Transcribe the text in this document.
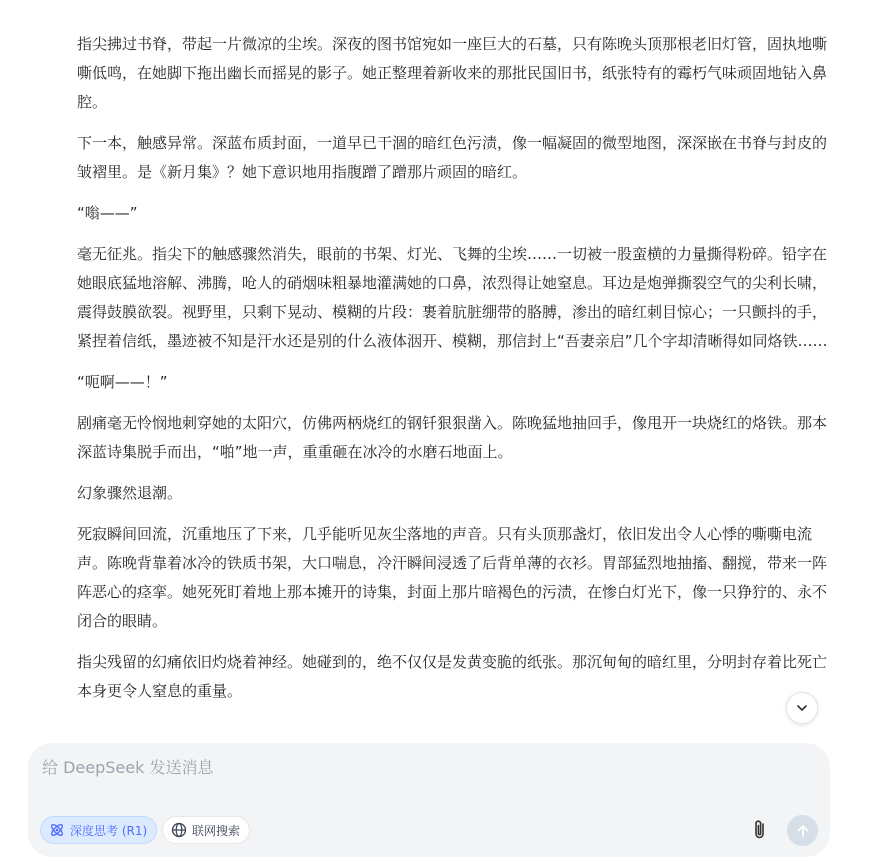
指尖拂过书脊，带起一片微凉的尘埃。深夜的图书馆宛如一座巨大的石墓，只有陈晚头顶那根老旧灯管，固执地嘶嘶低鸣，在她脚下拖出幽长而摇晃的影子。她正整理着新收来的那批民国旧书，纸张特有的霉朽气味顽固地钻入鼻腔。

下一本，触感异常。深蓝布质封面，一道早已干涸的暗红色污渍，像一幅凝固的微型地图，深深嵌在书脊与封皮的皱褶里。是《新月集》？她下意识地用指腹蹭了蹭那片顽固的暗红。

“嗡——”

毫无征兆。指尖下的触感骤然消失，眼前的书架、灯光、飞舞的尘埃……一切被一股蛮横的力量撕得粉碎。铅字在她眼底猛地溶解、沸腾，呛人的硝烟味粗暴地灌满她的口鼻，浓烈得让她窒息。耳边是炮弹撕裂空气的尖利长啸，震得鼓膜欲裂。视野里，只剩下晃动、模糊的片段：裹着肮脏绷带的胳膊，渗出的暗红刺目惊心；一只颤抖的手，紧捏着信纸，墨迹被不知是汗水还是别的什么液体洇开、模糊，那信封上“吾妻亲启”几个字却清晰得如同烙铁……

“呃啊——！”

剧痛毫无怜悯地刺穿她的太阳穴，仿佛两柄烧红的钢钎狠狠凿入。陈晚猛地抽回手，像甩开一块烧红的烙铁。那本深蓝诗集脱手而出，“啪”地一声，重重砸在冰冷的水磨石地面上。

幻象骤然退潮。

死寂瞬间回流，沉重地压了下来，几乎能听见灰尘落地的声音。只有头顶那盏灯，依旧发出令人心悸的嘶嘶电流声。陈晚背靠着冰冷的铁质书架，大口喘息，冷汗瞬间浸透了后背单薄的衣衫。胃部猛烈地抽搐、翻搅，带来一阵阵恶心的痉挛。她死死盯着地上那本摊开的诗集，封面上那片暗褐色的污渍，在惨白灯光下，像一只狰狞的、永不闭合的眼睛。

指尖残留的幻痛依旧灼烧着神经。她碰到的，绝不仅仅是发黄变脆的纸张。那沉甸甸的暗红里，分明封存着比死亡本身更令人窒息的重量。

给 DeepSeek 发送消息
深度思考 (R1)	联网搜索
